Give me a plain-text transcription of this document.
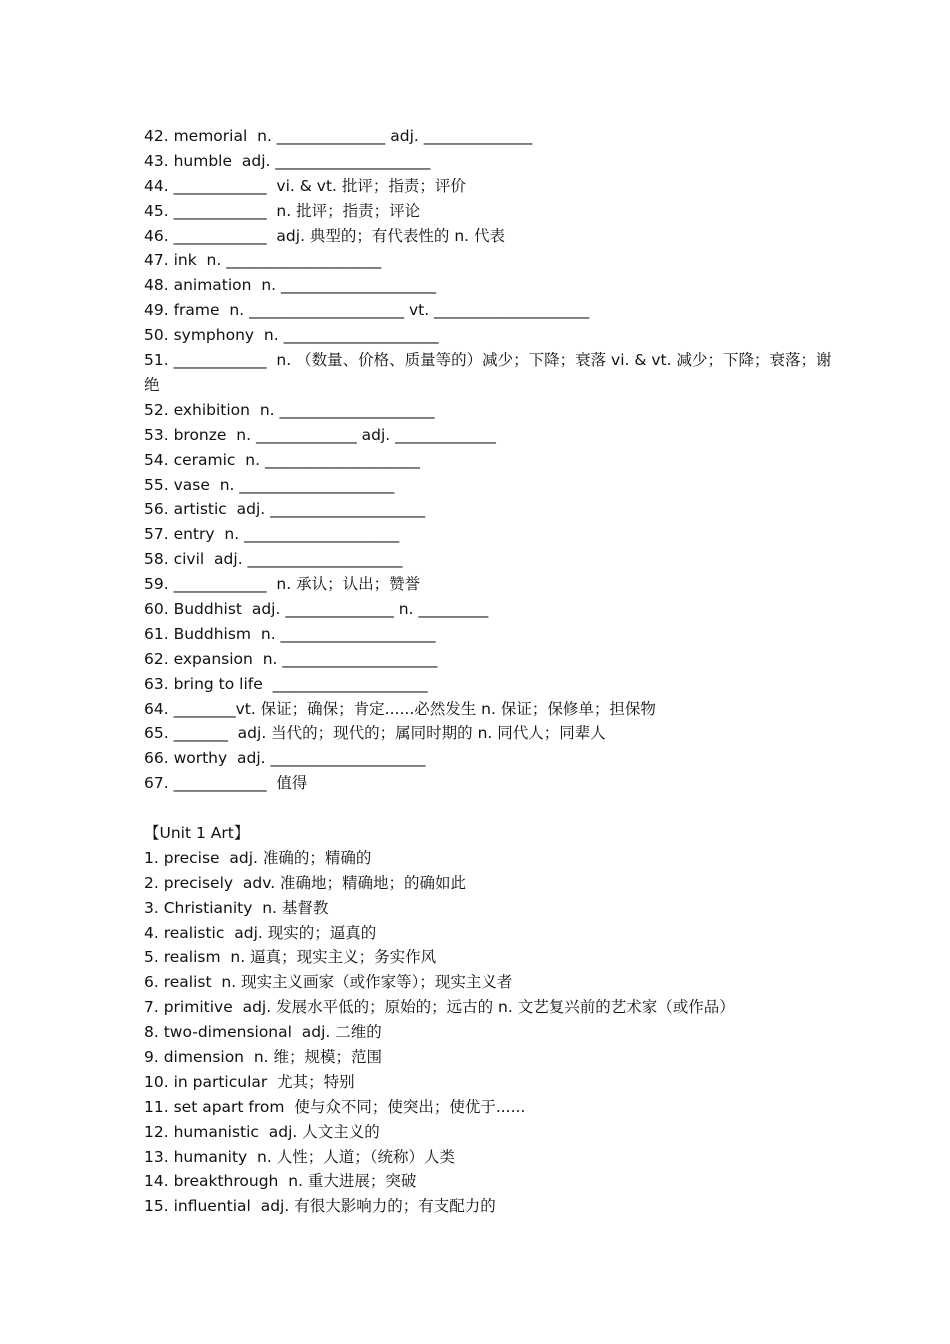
42. memorial  n. ______________ adj. ______________
43. humble  adj. ____________________
44. ____________  vi. & vt. 批评；指责；评价
45. ____________  n. 批评；指责；评论
46. ____________  adj. 典型的；有代表性的 n. 代表
47. ink  n. ____________________
48. animation  n. ____________________
49. frame  n. ____________________ vt. ____________________
50. symphony  n. ____________________
51. ____________  n. （数量、价格、质量等的）减少；下降；衰落 vi. & vt. 减少；下降；衰落；谢绝
52. exhibition  n. ____________________
53. bronze  n. _____________ adj. _____________
54. ceramic  n. ____________________
55. vase  n. ____________________
56. artistic  adj. ____________________
57. entry  n. ____________________
58. civil  adj. ____________________
59. ____________  n. 承认；认出；赞誉
60. Buddhist  adj. ______________ n. _________
61. Buddhism  n. ____________________
62. expansion  n. ____________________
63. bring to life  ____________________
64. ________vt. 保证；确保；肯定......必然发生 n. 保证；保修单；担保物
65. _______  adj. 当代的；现代的；属同时期的 n. 同代人；同辈人
66. worthy  adj. ____________________
67. ____________  值得
【Unit 1 Art】
1. precise  adj. 准确的；精确的
2. precisely  adv. 准确地；精确地；的确如此
3. Christianity  n. 基督教
4. realistic  adj. 现实的；逼真的
5. realism  n. 逼真；现实主义；务实作风
6. realist  n. 现实主义画家（或作家等）；现实主义者
7. primitive  adj. 发展水平低的；原始的；远古的 n. 文艺复兴前的艺术家（或作品）
8. two-dimensional  adj. 二维的
9. dimension  n. 维；规模；范围
10. in particular  尤其；特别
11. set apart from  使与众不同；使突出；使优于......
12. humanistic  adj. 人文主义的
13. humanity  n. 人性；人道；（统称）人类
14. breakthrough  n. 重大进展；突破
15. influential  adj. 有很大影响力的；有支配力的
